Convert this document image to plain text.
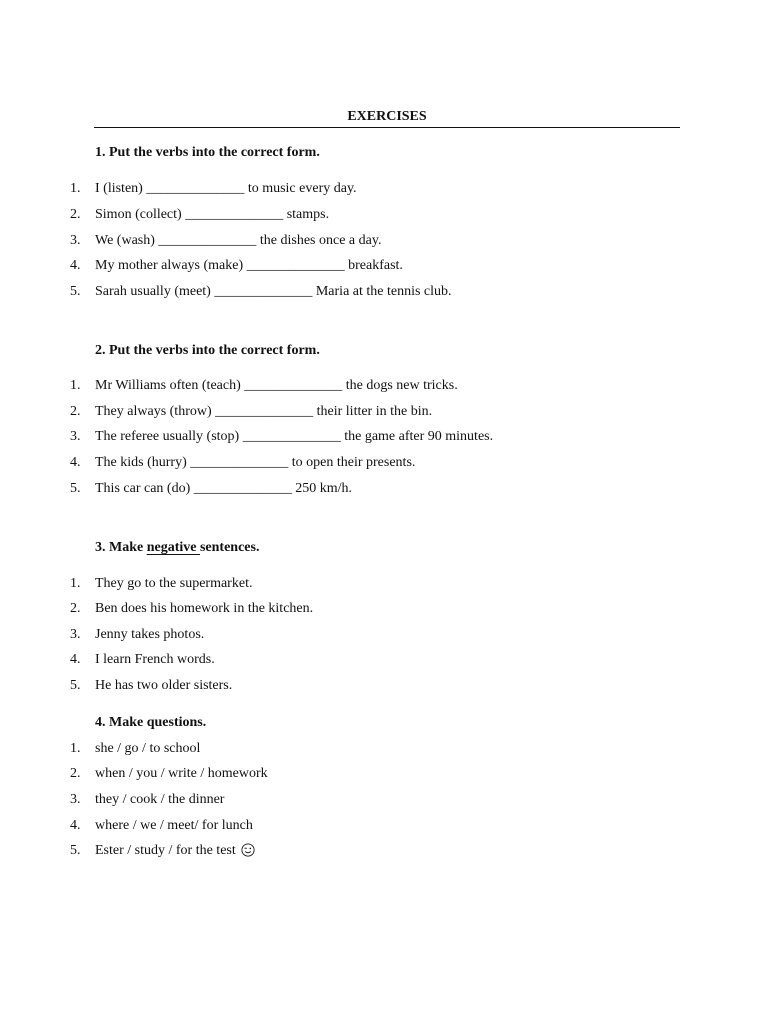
EXERCISES

1. Put the verbs into the correct form.

1.	I (listen) ______________ to music every day.
2.	Simon (collect) ______________ stamps.
3.	We (wash) ______________ the dishes once a day.
4.	My mother always (make) ______________ breakfast.
5.	Sarah usually (meet) ______________ Maria at the tennis club.

2. Put the verbs into the correct form.

1.	Mr Williams often (teach) ______________ the dogs new tricks.
2.	They always (throw) ______________ their litter in the bin.
3.	The referee usually (stop) ______________ the game after 90 minutes.
4.	The kids (hurry) ______________ to open their presents.
5.	This car can (do) ______________ 250 km/h.

3. Make negative sentences.

1.	They go to the supermarket.
2.	Ben does his homework in the kitchen.
3.	Jenny takes photos.
4.	I learn French words.
5.	He has two older sisters.

4. Make questions.

1.	she / go / to school
2.	when / you / write / homework
3.	they / cook / the dinner
4.	where / we / meet/ for lunch
5.	Ester / study / for the test
